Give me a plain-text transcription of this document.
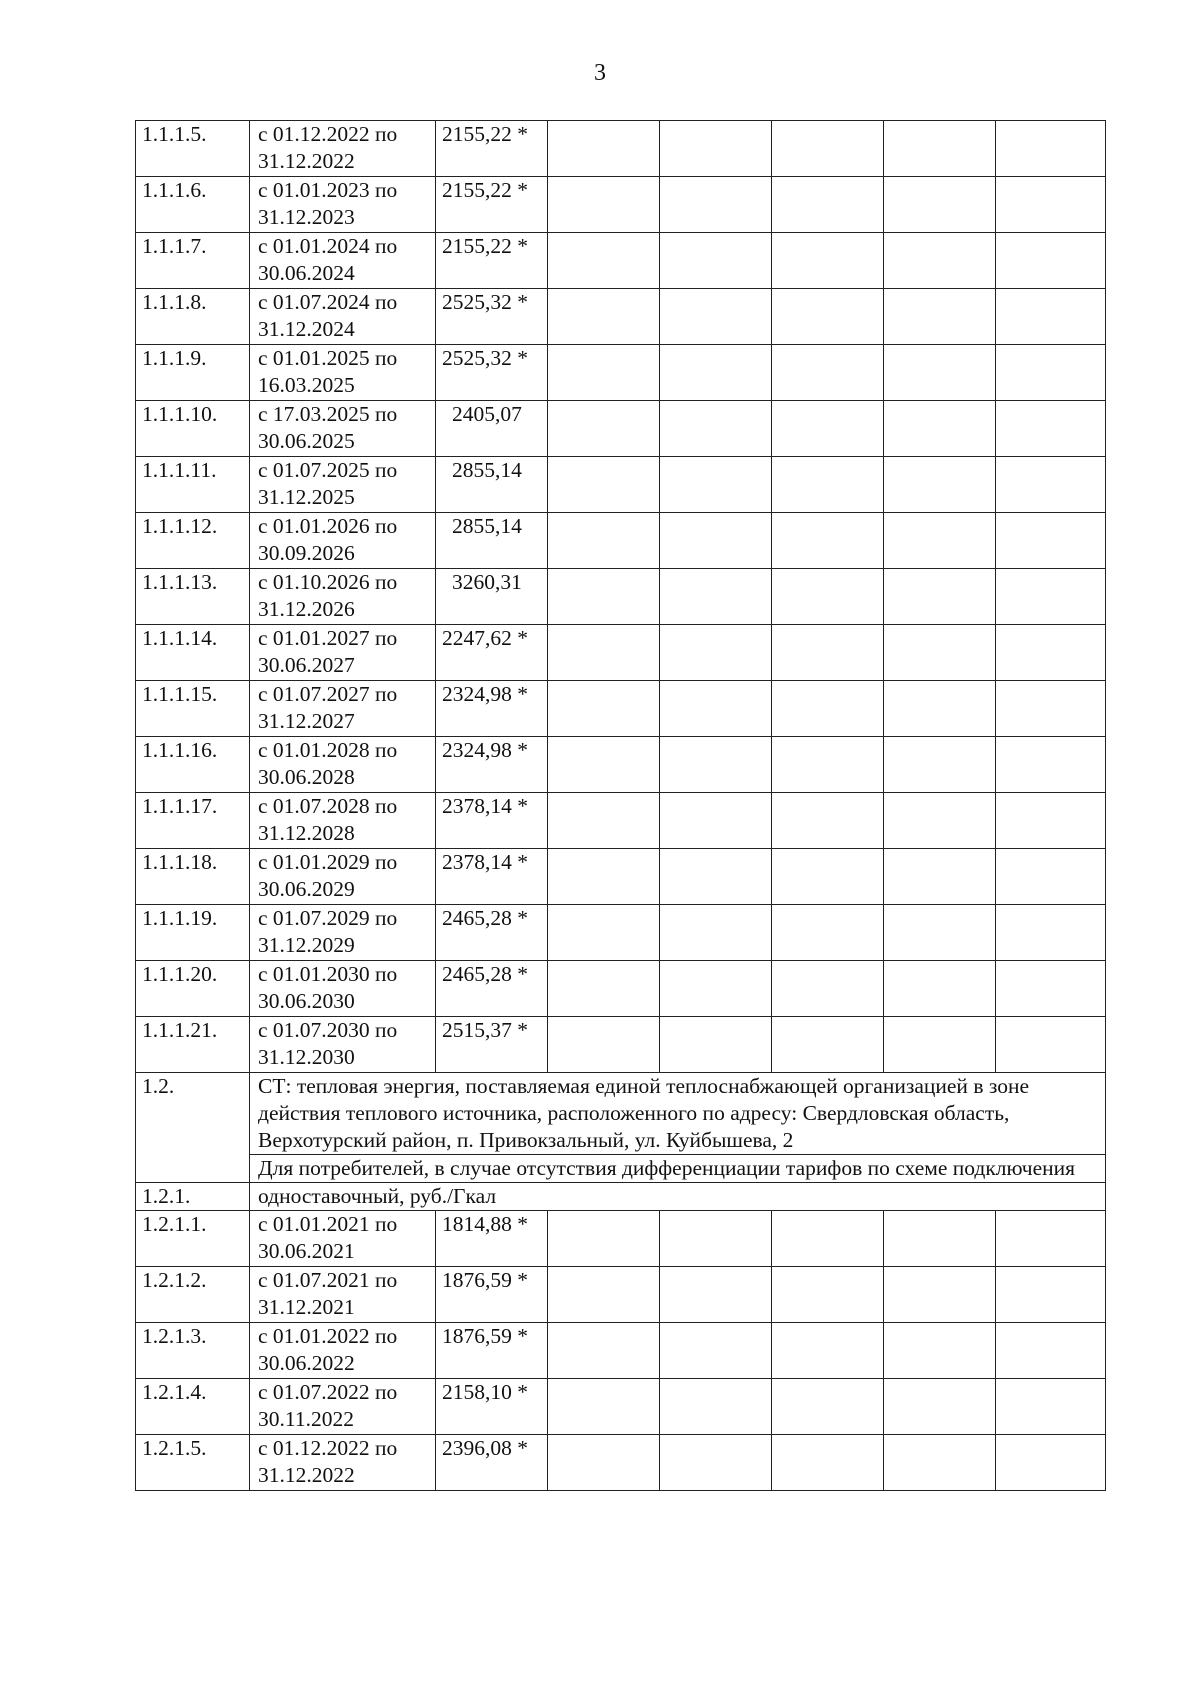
3
1.1.1.5.	с 01.12.2022 по 31.12.2022	2155,22 *					
1.1.1.6.	с 01.01.2023 по 31.12.2023	2155,22 *					
1.1.1.7.	с 01.01.2024 по 30.06.2024	2155,22 *					
1.1.1.8.	с 01.07.2024 по 31.12.2024	2525,32 *					
1.1.1.9.	с 01.01.2025 по 16.03.2025	2525,32 *					
1.1.1.10.	с 17.03.2025 по 30.06.2025	2405,07					
1.1.1.11.	с 01.07.2025 по 31.12.2025	2855,14					
1.1.1.12.	с 01.01.2026 по 30.09.2026	2855,14					
1.1.1.13.	с 01.10.2026 по 31.12.2026	3260,31					
1.1.1.14.	с 01.01.2027 по 30.06.2027	2247,62 *					
1.1.1.15.	с 01.07.2027 по 31.12.2027	2324,98 *					
1.1.1.16.	с 01.01.2028 по 30.06.2028	2324,98 *					
1.1.1.17.	с 01.07.2028 по 31.12.2028	2378,14 *					
1.1.1.18.	с 01.01.2029 по 30.06.2029	2378,14 *					
1.1.1.19.	с 01.07.2029 по 31.12.2029	2465,28 *					
1.1.1.20.	с 01.01.2030 по 30.06.2030	2465,28 *					
1.1.1.21.	с 01.07.2030 по 31.12.2030	2515,37 *					
1.2.	СТ: тепловая энергия, поставляемая единой теплоснабжающей организацией в зоне действия теплового источника, расположенного по адресу: Свердловская область, Верхотурский район, п. Привокзальный, ул. Куйбышева, 2						
	Для потребителей, в случае отсутствия дифференциации тарифов по схеме подключения						
1.2.1.	одноставочный, руб./Гкал						
1.2.1.1.	с 01.01.2021 по 30.06.2021	1814,88 *					
1.2.1.2.	с 01.07.2021 по 31.12.2021	1876,59 *					
1.2.1.3.	с 01.01.2022 по 30.06.2022	1876,59 *					
1.2.1.4.	с 01.07.2022 по 30.11.2022	2158,10 *					
1.2.1.5.	с 01.12.2022 по 31.12.2022	2396,08 *					
